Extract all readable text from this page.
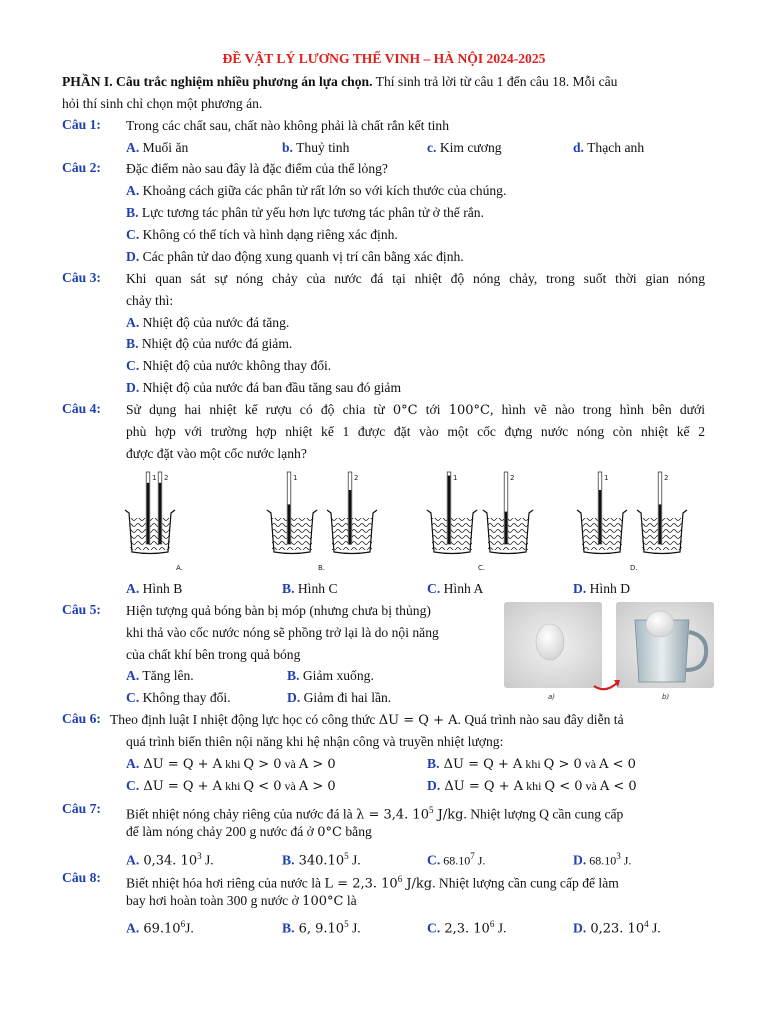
ĐỀ VẬT LÝ LƯƠNG THẾ VINH – HÀ NỘI 2024-2025
PHẦN I. Câu trắc nghiệm nhiều phương án lựa chọn. Thí sinh trả lời từ câu 1 đến câu 18. Mỗi câu
hỏi thí sinh chỉ chọn một phương án.
Câu 1: Trong các chất sau, chất nào không phải là chất rắn kết tinh
A. Muối ăn	b. Thuỷ tinh	c. Kim cương	d. Thạch anh
Câu 2: Đặc điểm nào sau đây là đặc điểm của thể lỏng?
A. Khoảng cách giữa các phân tử rất lớn so với kích thước của chúng.
B. Lực tương tác phân tử yếu hơn lực tương tác phân tử ở thể rắn.
C. Không có thể tích và hình dạng riêng xác định.
D. Các phân tử dao động xung quanh vị trí cân bằng xác định.
Câu 3: Khi quan sát sự nóng chảy của nước đá tại nhiệt độ nóng chảy, trong suốt thời gian nóng
chảy thì:
A. Nhiệt độ của nước đá tăng.
B. Nhiệt độ của nước đá giảm.
C. Nhiệt độ của nước không thay đổi.
D. Nhiệt độ của nước đá ban đầu tăng sau đó giảm
Câu 4: Sử dụng hai nhiệt kế rượu có độ chia từ 0°C tới 100°C, hình vẽ nào trong hình bên dưới
phù hợp với trường hợp nhiệt kế 1 được đặt vào một cốc đựng nước nóng còn nhiệt kế 2
được đặt vào một cốc nước lạnh?
1 2
A.
1	2
B.
1	2
C.
1	2
D.
A. Hình B	B. Hình C	C. Hình A	D. Hình D
Câu 5: Hiện tượng quả bóng bàn bị móp (nhưng chưa bị thủng)
khi thả vào cốc nước nóng sẽ phồng trở lại là do nội năng
của chất khí bên trong quả bóng
A. Tăng lên.	B. Giảm xuống.
C. Không thay đổi.	D. Giảm đi hai lần.	a)	b)
Câu 6: Theo định luật I nhiệt động lực học có công thức ΔU = Q + A. Quá trình nào sau đây diễn tả
quá trình biến thiên nội năng khi hệ nhận công và truyền nhiệt lượng:
A. ΔU = Q + A khi Q > 0 và A > 0	B. ΔU = Q + A khi Q > 0 và A < 0
C. ΔU = Q + A khi Q < 0 và A > 0	D. ΔU = Q + A khi Q < 0 và A < 0
Câu 7: Biết nhiệt nóng chảy riêng của nước đá là λ = 3,4. $10^5$ J/kg. Nhiệt lượng Q cần cung cấp
để làm nóng chảy 200 g nước đá ở 0°C bằng
A. 0,34. $10^3$ J.	B. 340.10$^5$ J.	C. 68.10$^7$ J.	D. 68.10$^3$ J.
Câu 8: Biết nhiệt hóa hơi riêng của nước là L = 2,3. $10^6$ J/kg. Nhiệt lượng cần cung cấp để làm
bay hơi hoàn toàn 300 g nước ở 100°C là
A. 69.10$^6$J.	B. 6, 9.10$^5$ J.	C. 2,3. $10^6$ J.	D. 0,23. $10^4$ J.
